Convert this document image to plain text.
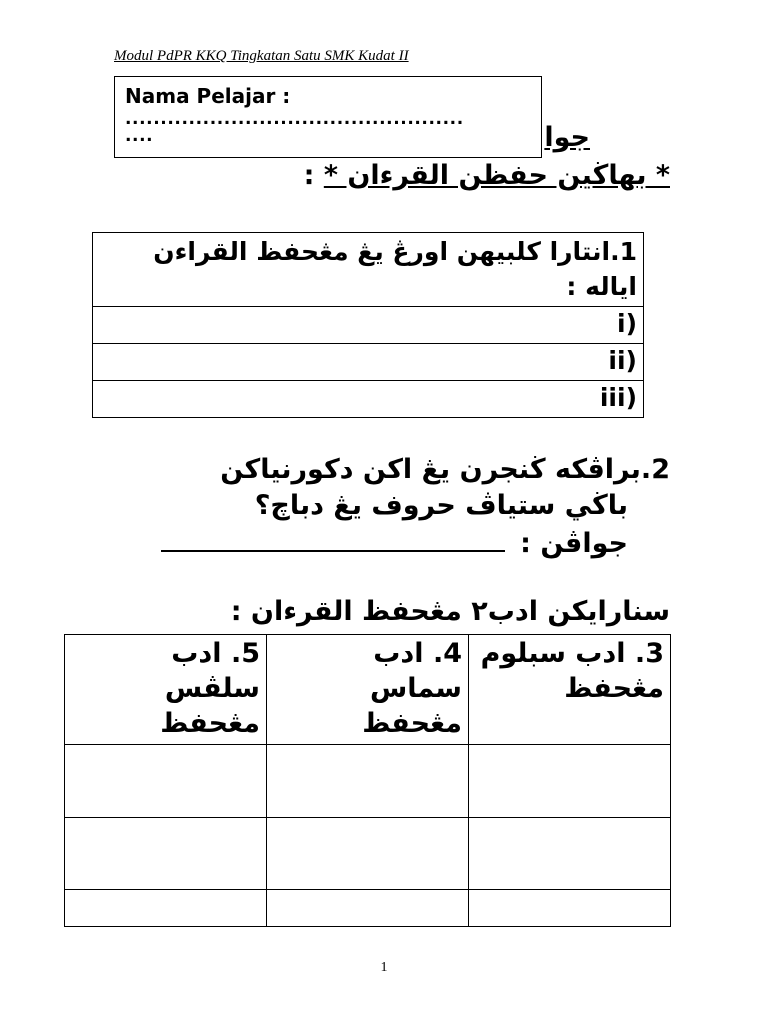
Modul PdPR KKQ Tingkatan Satu SMK Kudat II
Nama Pelajar :
................................................
....	جوا
* بهاڬين حفظن القرءان * :
1.انتارا كلبيهن اورڠ يڠ مڠحفظ القراءن اياله :
i)
ii)
iii)
2.براڤكه ڬنجرن يڠ اكن دكورنياكن
باڬي ستياڤ حروف يڠ دباچ؟
جواڤن :
سنارايكن ادب٢ مڠحفظ القرءان :
3. ادب سبلوم مڠحفظ	4. ادب سماس مڠحفظ	5. ادب سلڤس مڠحفظ

1
